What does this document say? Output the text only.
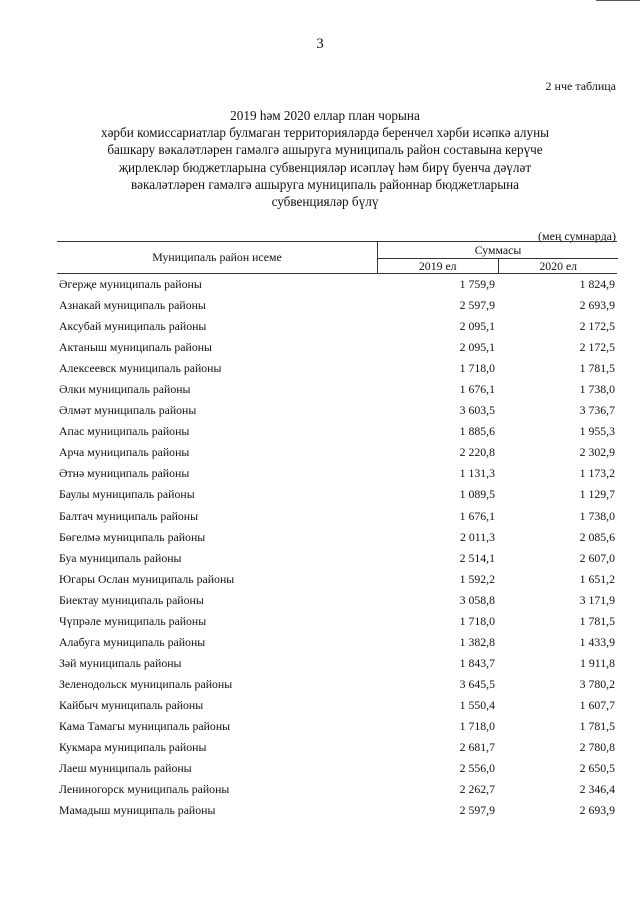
3
2 нче таблица
2019 һәм 2020 еллар план чорына
хәрби комиссариатлар булмаган территорияләрдә беренчел хәрби исәпкә алуны
башкару вәкаләтләрен гамәлгә ашыруга муниципаль район составына керүче
җирлекләр бюджетларына субвенцияләр исәпләү һәм бирү буенча дәүләт
вәкаләтләрен гамәлгә ашыруга муниципаль районнар бюджетларына
субвенцияләр бүлү
(мең сумнарда)
Муниципаль район исеме	Суммасы
2019 ел	2020 ел
Әгерҗе муниципаль районы	1 759,9	1 824,9
Азнакай муниципаль районы	2 597,9	2 693,9
Аксубай муниципаль районы	2 095,1	2 172,5
Актаныш муниципаль районы	2 095,1	2 172,5
Алексеевск муниципаль районы	1 718,0	1 781,5
Әлки муниципаль районы	1 676,1	1 738,0
Әлмәт муниципаль районы	3 603,5	3 736,7
Апас муниципаль районы	1 885,6	1 955,3
Арча муниципаль районы	2 220,8	2 302,9
Әтнә муниципаль районы	1 131,3	1 173,2
Баулы муниципаль районы	1 089,5	1 129,7
Балтач муниципаль районы	1 676,1	1 738,0
Бөгелмә муниципаль районы	2 011,3	2 085,6
Буа муниципаль районы	2 514,1	2 607,0
Югары Ослан муниципаль районы	1 592,2	1 651,2
Биектау муниципаль районы	3 058,8	3 171,9
Чүпрәле муниципаль районы	1 718,0	1 781,5
Алабуга муниципаль районы	1 382,8	1 433,9
Зәй муниципаль районы	1 843,7	1 911,8
Зеленодольск муниципаль районы	3 645,5	3 780,2
Кайбыч муниципаль районы	1 550,4	1 607,7
Кама Тамагы муниципаль районы	1 718,0	1 781,5
Кукмара муниципаль районы	2 681,7	2 780,8
Лаеш муниципаль районы	2 556,0	2 650,5
Лениногорск муниципаль районы	2 262,7	2 346,4
Мамадыш муниципаль районы	2 597,9	2 693,9
